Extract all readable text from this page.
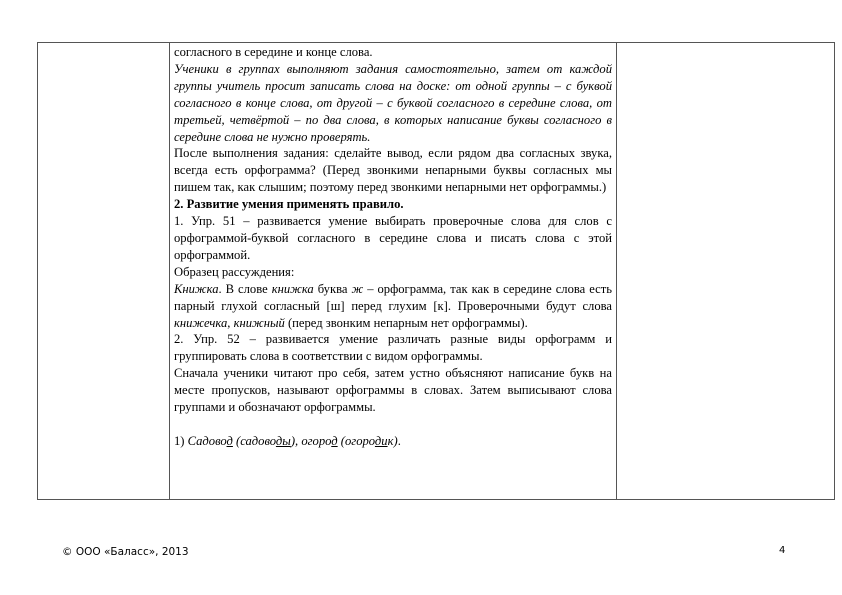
согласного в середине и конце слова.

Ученики в группах выполняют задания самостоятельно, затем от каждой группы учитель просит записать слова на доске: от одной группы – с буквой согласного в конце слова, от другой – с буквой согласного в середине слова, от третьей, четвёртой – по два слова, в которых написание буквы согласного в середине слова не нужно проверять.

После выполнения задания: сделайте вывод, если рядом два согласных звука, всегда есть орфограмма? (Перед звонкими непарными буквы согласных мы пишем так, как слышим; поэтому перед звонкими непарными нет орфограммы.)

2. Развитие умения применять правило.

1. Упр. 51 – развивается умение выбирать проверочные слова для слов с орфограммой-буквой согласного в середине слова и писать слова с этой орфограммой.

Образец рассуждения:

Книжка. В слове книжка буква ж – орфограмма, так как в середине слова есть парный глухой согласный [ш] перед глухим [к]. Проверочными будут слова книжечка, книжный (перед звонким непарным нет орфограммы).

2. Упр. 52 – развивается умение различать разные виды орфограмм и группировать слова в соответствии с видом орфограммы.

Сначала ученики читают про себя, затем устно объясняют написание букв на месте пропусков, называют орфограммы в словах. Затем выписывают слова группами и обозначают орфограммы.

1) Садовод (садоводы), огород (огородик).

© ООО «Баласс», 2013	4
